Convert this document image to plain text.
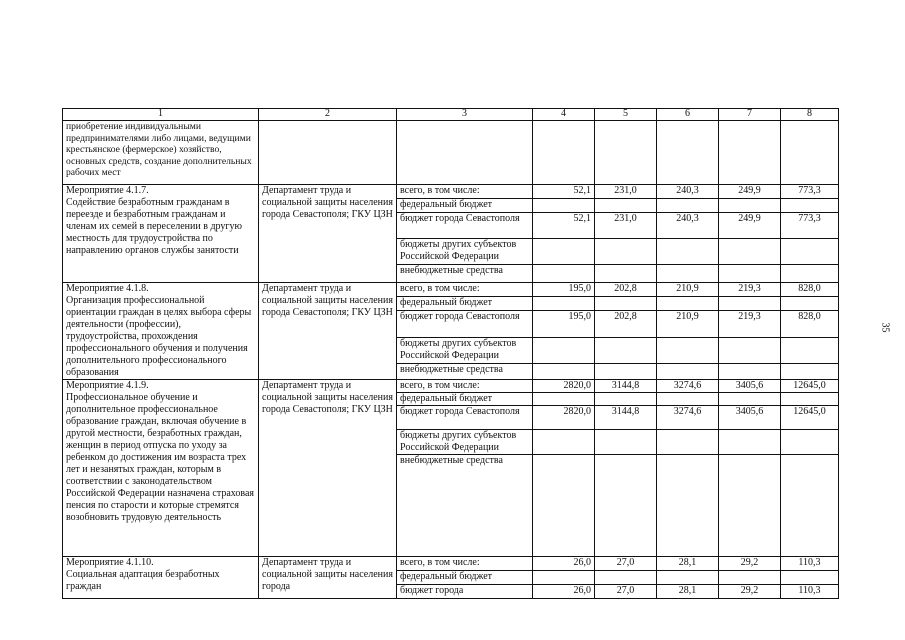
1	2	3	4	5	6	7	8
приобретение индивидуальными предпринимателями либо лицами, ведущими крестьянское (фермерское) хозяйство, основных средств, создание дополнительных рабочих мест							

Мероприятие 4.1.7.
Содействие безработным гражданам в переезде и безработным гражданам и членам их семей в переселении в другую местность для трудоустройства по направлению органов службы занятости	Департамент труда и социальной защиты населения города Севастополя; ГКУ ЦЗН	всего, в том числе:	52,1	231,0	240,3	249,9	773,3
		федеральный бюджет					
		бюджет города Севастополя	52,1	231,0	240,3	249,9	773,3
		бюджеты других субъектов Российской Федерации					
		внебюджетные средства					

Мероприятие 4.1.8.
Организация профессиональной ориентации граждан в целях выбора сферы деятельности (профессии), трудоустройства, прохождения профессионального обучения и получения дополнительного профессионального образования	Департамент труда и социальной защиты населения города Севастополя; ГКУ ЦЗН	всего, в том числе:	195,0	202,8	210,9	219,3	828,0
		федеральный бюджет					
		бюджет города Севастополя	195,0	202,8	210,9	219,3	828,0
		бюджеты других субъектов Российской Федерации					
		внебюджетные средства					

Мероприятие 4.1.9.
Профессиональное обучение и дополнительное профессиональное образование граждан, включая обучение в другой местности, безработных граждан, женщин в период отпуска по уходу за ребенком до достижения им возраста трех лет и незанятых граждан, которым в соответствии с законодательством Российской Федерации назначена страховая пенсия по старости и которые стремятся возобновить трудовую деятельность	Департамент труда и социальной защиты населения города Севастополя; ГКУ ЦЗН	всего, в том числе:	2820,0	3144,8	3274,6	3405,6	12645,0
		федеральный бюджет					
		бюджет города Севастополя	2820,0	3144,8	3274,6	3405,6	12645,0
		бюджеты других субъектов Российской Федерации					
		внебюджетные средства					

Мероприятие 4.1.10.
Социальная адаптация безработных граждан	Департамент труда и социальной защиты населения города	всего, в том числе:	26,0	27,0	28,1	29,2	110,3
		федеральный бюджет					
		бюджет города	26,0	27,0	28,1	29,2	110,3
35
